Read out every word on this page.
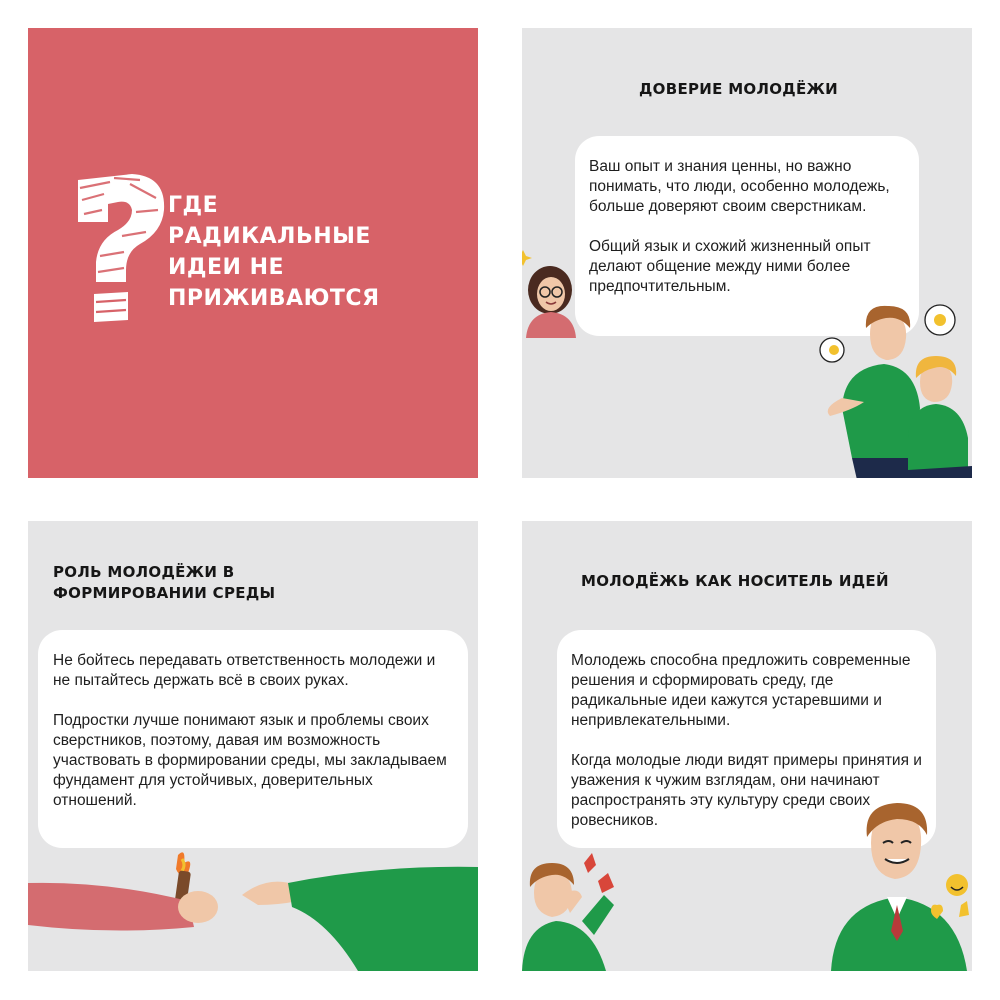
ГДЕ
РАДИКАЛЬНЫЕ
ИДЕИ НЕ
ПРИЖИВАЮТСЯ
ДОВЕРИЕ МОЛОДЁЖИ

Ваш опыт и знания ценны, но важно понимать, что люди, особенно молодежь, больше доверяют своим сверстникам.

Общий язык и схожий жизненный опыт делают общение между ними более предпочтительным.

РОЛЬ МОЛОДЁЖИ В
ФОРМИРОВАНИИ СРЕДЫ

Не бойтесь передавать ответственность молодежи и не пытайтесь держать всё в своих руках.

Подростки лучше понимают язык и проблемы своих сверстников, поэтому, давая им возможность участвовать в формировании среды, мы закладываем фундамент для устойчивых, доверительных отношений.

МОЛОДЁЖЬ КАК НОСИТЕЛЬ ИДЕЙ

Молодежь способна предложить современные решения и сформировать среду, где радикальные идеи кажутся устаревшими и непривлекательными.

Когда молодые люди видят примеры принятия и уважения к чужим взглядам, они начинают распространять эту культуру среди своих ровесников.
